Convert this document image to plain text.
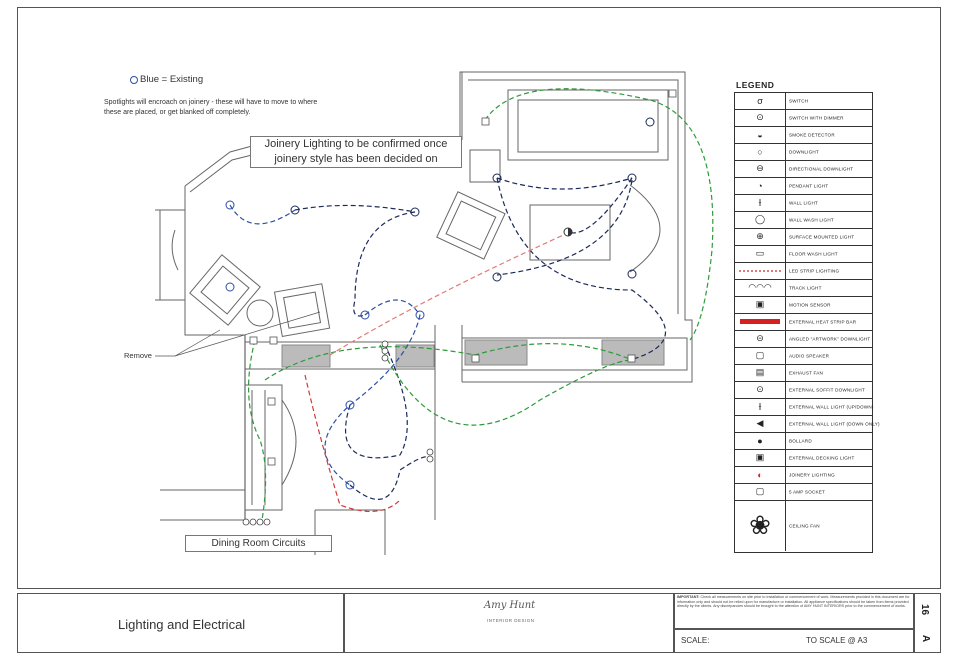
Blue = Existing
Spotlights will encroach on joinery - these will have to move to where these are placed, or get blanked off completely.
Joinery Lighting to be confirmed once joinery style has been decided on
Remove
Dining Room Circuits
LEGEND
σ	SWITCH
⊙	SWITCH WITH DIMMER
◒	SMOKE DETECTOR
○	DOWNLIGHT
⊖	DIRECTIONAL DOWNLIGHT
◔	PENDANT LIGHT
⫲	WALL LIGHT
◯	WALL WASH LIGHT
⊕	SURFACE MOUNTED LIGHT
▭	FLOOR WASH LIGHT
LED STRIP LIGHTING
◠◠◠	TRACK LIGHT
▣	MOTION SENSOR
EXTERNAL HEAT STRIP BAR
⊝	ANGLED "ARTWORK" DOWNLIGHT
▢	AUDIO SPEAKER
▤	EXHAUST FAN
⊙	EXTERNAL SOFFIT DOWNLIGHT
⫲	EXTERNAL WALL LIGHT (UP/DOWN)
◀	EXTERNAL WALL LIGHT (DOWN ONLY)
●	BOLLARD
▣	EXTERNAL DECKING LIGHT
◐	JOINERY LIGHTING
▢	5 AMP SOCKET
❀	CEILING FAN
Lighting and Electrical
Amy Hunt
INTERIOR DESIGN
IMPORTANT: Check all measurements on site prior to installation or commencement of work. Measurements provided in this document are for information only and should not be relied upon for manufacture or installation. All appliance specifications should be taken from items provided directly by the clients. Any discrepancies should be brought to the attention of AMY HUNT INTERIORS prior to the commencement of works.
SCALE:	TO SCALE @ A3
16
A
